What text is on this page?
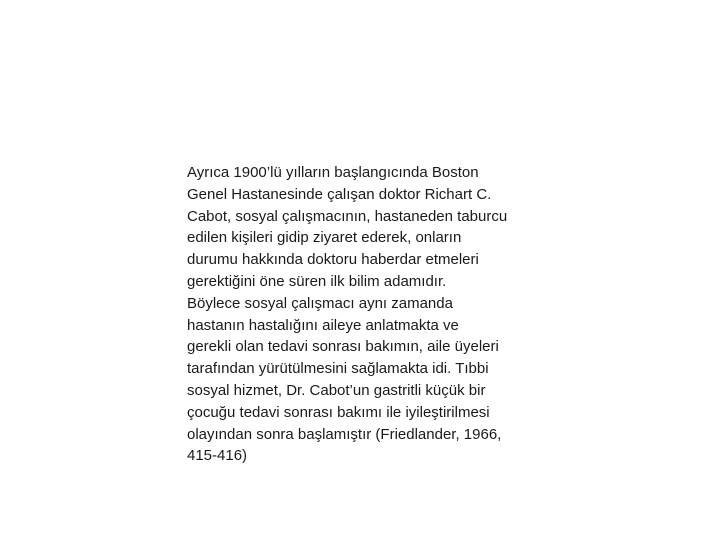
Ayrıca 1900’lü yılların başlangıcında Boston
Genel Hastanesinde çalışan doktor Richart C.
Cabot, sosyal çalışmacının, hastaneden taburcu
edilen kişileri gidip ziyaret ederek, onların
durumu hakkında doktoru haberdar etmeleri
gerektiğini öne süren ilk bilim adamıdır.
Böylece sosyal çalışmacı aynı zamanda
hastanın hastalığını aileye anlatmakta ve
gerekli olan tedavi sonrası bakımın, aile üyeleri
tarafından yürütülmesini sağlamakta idi. Tıbbi
sosyal hizmet, Dr. Cabot’un gastritli küçük bir
çocuğu tedavi sonrası bakımı ile iyileştirilmesi
olayından sonra başlamıştır (Friedlander, 1966,
415-416)
